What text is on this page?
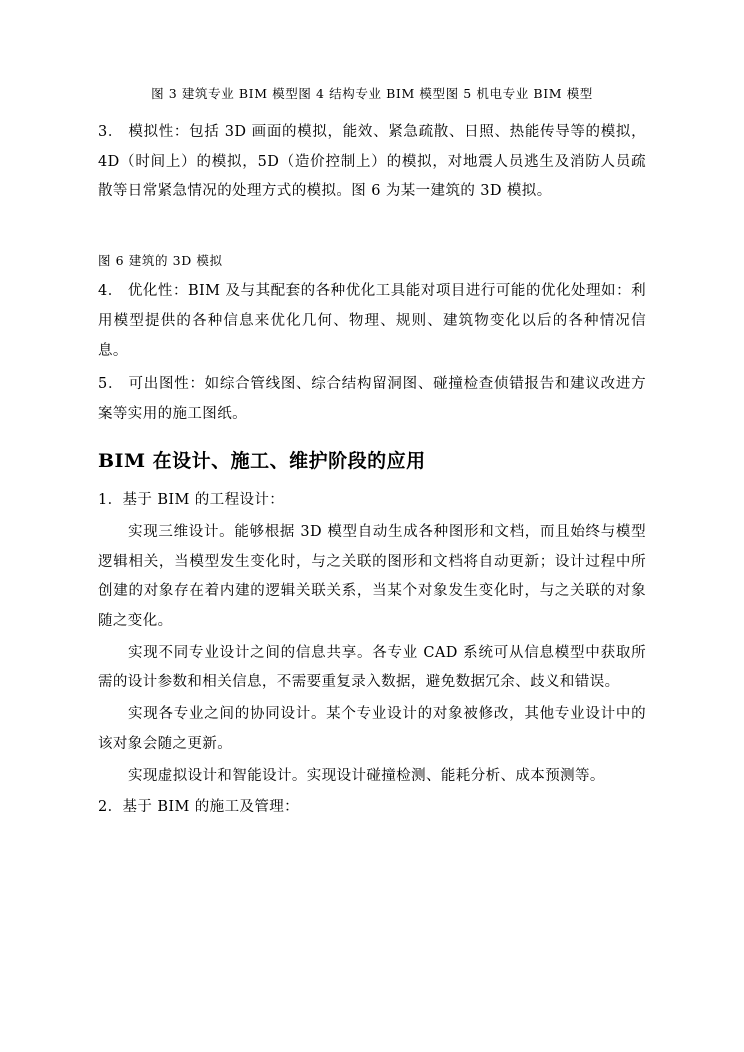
图 3 建筑专业 BIM 模型图 4 结构专业 BIM 模型图 5 机电专业 BIM 模型

3． 模拟性：包括 3D 画面的模拟，能效、紧急疏散、日照、热能传导等的模拟，4D（时间上）的模拟，5D（造价控制上）的模拟，对地震人员逃生及消防人员疏散等日常紧急情况的处理方式的模拟。图 6 为某一建筑的 3D 模拟。

图 6 建筑的 3D 模拟

4． 优化性：BIM 及与其配套的各种优化工具能对项目进行可能的优化处理如：利用模型提供的各种信息来优化几何、物理、规则、建筑物变化以后的各种情况信息。

5． 可出图性：如综合管线图、综合结构留洞图、碰撞检查侦错报告和建议改进方案等实用的施工图纸。

BIM 在设计、施工、维护阶段的应用

1．基于 BIM 的工程设计：

实现三维设计。能够根据 3D 模型自动生成各种图形和文档，而且始终与模型逻辑相关，当模型发生变化时，与之关联的图形和文档将自动更新；设计过程中所创建的对象存在着内建的逻辑关联关系，当某个对象发生变化时，与之关联的对象随之变化。

实现不同专业设计之间的信息共享。各专业 CAD 系统可从信息模型中获取所需的设计参数和相关信息，不需要重复录入数据，避免数据冗余、歧义和错误。

实现各专业之间的协同设计。某个专业设计的对象被修改，其他专业设计中的该对象会随之更新。

实现虚拟设计和智能设计。实现设计碰撞检测、能耗分析、成本预测等。

2．基于 BIM 的施工及管理：
